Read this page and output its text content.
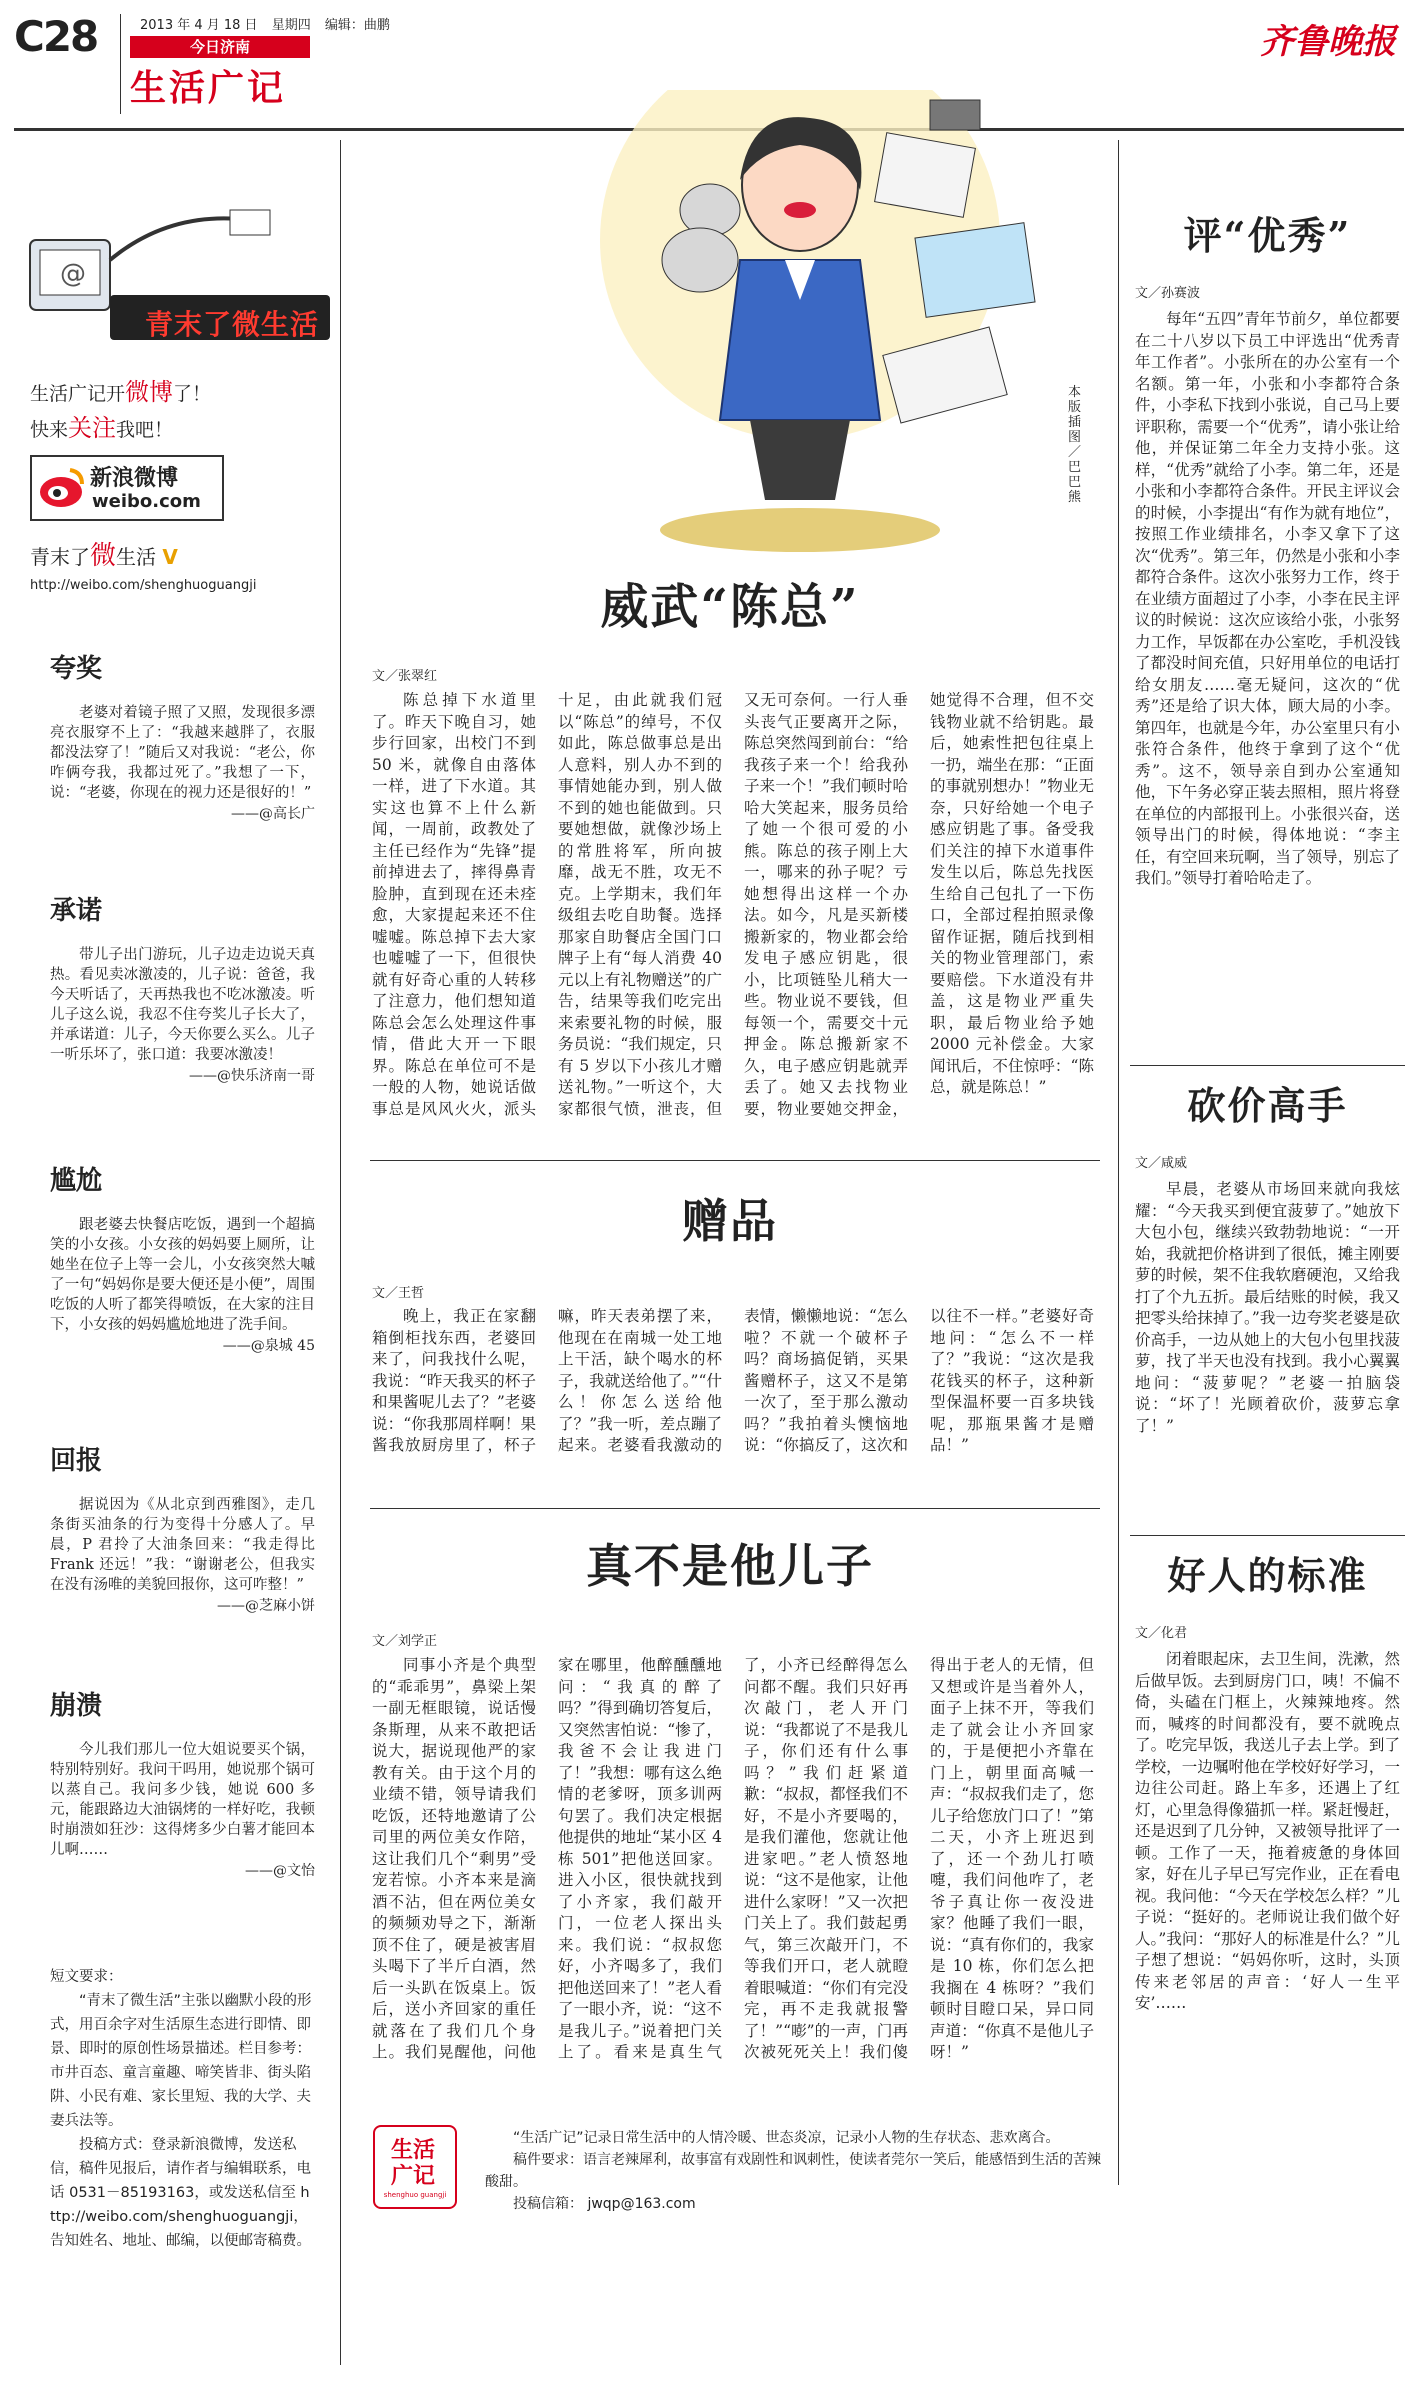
C28	2013 年 4 月 18 日 星期四 编辑：曲鹏
今日济南
生活广记
齐鲁晚报
@
青末了微生活
生活广记开微博了！
快来关注我吧！
新浪微博
weibo.com
青末了微生活 V
http://weibo.com/shenghuoguangji
夸奖

老婆对着镜子照了又照，发现很多漂亮衣服穿不上了：“我越来越胖了，衣服都没法穿了！”随后又对我说：“老公，你咋俩夸我，我都过死了。”我想了一下，说：“老婆，你现在的视力还是很好的！”

——@高长广
承诺

带儿子出门游玩，儿子边走边说天真热。看见卖冰激凌的，儿子说：爸爸，我今天听话了，天再热我也不吃冰激凌。听儿子这么说，我忍不住夸奖儿子长大了，并承诺道：儿子，今天你要么买么。儿子一听乐坏了，张口道：我要冰激凌！

——@快乐济南一哥
尴尬

跟老婆去快餐店吃饭，遇到一个超搞笑的小女孩。小女孩的妈妈要上厕所，让她坐在位子上等一会儿，小女孩突然大嘁了一句“妈妈你是要大便还是小便”，周围吃饭的人听了都笑得喷饭，在大家的注目下，小女孩的妈妈尴尬地进了洗手间。

——@泉城 45
回报

据说因为《从北京到西雅图》，走几条街买油条的行为变得十分感人了。早晨，P 君拎了大油条回来：“我走得比 Frank 还远！”我：“谢谢老公，但我实在没有汤唯的美貌回报你，这可咋整！”

——@芝麻小饼
崩溃

今儿我们那儿一位大姐说要买个锅，特别特别好。我问干吗用，她说那个锅可以蒸自己。我问多少钱，她说 600 多元，能跟路边大油锅烤的一样好吃，我顿时崩溃如狂沙：这得烤多少白薯才能回本儿啊……

——@文怡
短文要求：

“青末了微生活”主张以幽默小段的形式，用百余字对生活原生态进行即情、即景、即时的原创性场景描述。栏目参考：市井百态、童言童趣、啼笑皆非、街头陷阱、小民有难、家长里短、我的大学、夫妻兵法等。

投稿方式：登录新浪微博，发送私信，稿件见报后，请作者与编辑联系，电话 0531－85193163，或发送私信至 http://weibo.com/shenghuoguangji，告知姓名、地址、邮编，以便邮寄稿费。

本版插图／巴巴熊
威武“陈总”
文／张翠红

陈总掉下水道里了。昨天下晚自习，她步行回家，出校门不到 50 米，就像自由落体一样，进了下水道。其实这也算不上什么新闻，一周前，政教处了主任已经作为“先锋”提前掉进去了，摔得鼻青脸肿，直到现在还未痊愈，大家提起来还不住嘘嘘。陈总掉下去大家也嘘嘘了一下，但很快就有好奇心重的人转移了注意力，他们想知道陈总会怎么处理这件事情，借此大开一下眼界。陈总在单位可不是一般的人物，她说话做事总是风风火火，派头十足，由此就我们冠以“陈总”的绰号，不仅如此，陈总做事总是出人意料，别人办不到的事情她能办到，别人做不到的她也能做到。只要她想做，就像沙场上的常胜将军，所向披靡，战无不胜，攻无不克。上学期末，我们年级组去吃自助餐。选择那家自助餐店全国门口牌子上有“每人消费 40 元以上有礼物赠送”的广告，结果等我们吃完出来索要礼物的时候，服务员说：“我们规定，只有 5 岁以下小孩儿才赠送礼物。”一听这个，大家都很气愤，泄丧，但又无可奈何。一行人垂头丧气正要离开之际，陈总突然闯到前台：“给我孩子来一个！给我孙子来一个！”我们顿时哈哈大笑起来，服务员给了她一个很可爱的小熊。陈总的孩子刚上大一，哪来的孙子呢？亏她想得出这样一个办法。如今，凡是买新楼搬新家的，物业都会给发电子感应钥匙，很小，比项链坠儿稍大一些。物业说不要钱，但每领一个，需要交十元押金。陈总搬新家不久，电子感应钥匙就弄丢了。她又去找物业要，物业要她交押金，她觉得不合理，但不交钱物业就不给钥匙。最后，她索性把包往桌上一扔，端坐在那：“正面的事就别想办！”物业无奈，只好给她一个电子感应钥匙了事。备受我们关注的掉下水道事件发生以后，陈总先找医生给自己包扎了一下伤口，全部过程拍照录像留作证据，随后找到相关的物业管理部门，索要赔偿。下水道没有井盖，这是物业严重失职，最后物业给予她 2000 元补偿金。大家闻讯后，不住惊呼：“陈总，就是陈总！”

赠品
文／王哲

晚上，我正在家翻箱倒柜找东西，老婆回来了，问我找什么呢，我说：“昨天我买的杯子和果酱呢儿去了？”老婆说：“你我那周样啊！果酱我放厨房里了，杯子嘛，昨天表弟摆了来，他现在在南城一处工地上干活，缺个喝水的杯子，我就送给他了。”“什么！你怎么送给他了？”我一听，差点蹦了起来。老婆看我激动的表情，懒懒地说：“怎么啦？不就一个破杯子吗？商场搞促销，买果酱赠杯子，这又不是第一次了，至于那么激动吗？”我拍着头懊恼地说：“你搞反了，这次和以往不一样。”老婆好奇地问：“怎么不一样了？”我说：“这次是我花钱买的杯子，这种新型保温杯要一百多块钱呢，那瓶果酱才是赠品！”

真不是他儿子
文／刘学正

同事小齐是个典型的“乖乖男”，鼻梁上架一副无框眼镜，说话慢条斯理，从来不敢把话说大，据说现他严的家教有关。由于这个月的业绩不错，领导请我们吃饭，还特地邀请了公司里的两位美女作陪，这让我们几个“剩男”受宠若惊。小齐本来是滴酒不沾，但在两位美女的频频劝导之下，渐渐顶不住了，硬是被害眉头喝下了半斤白酒，然后一头趴在饭桌上。饭后，送小齐回家的重任就落在了我们几个身上。我们晃醒他，问他家在哪里，他醉醺醺地问：“我真的醉了吗？”得到确切答复后，又突然害怕说：“惨了，我爸不会让我进门了！”我想：哪有这么绝情的老爹呀，顶多训两句罢了。我们决定根据他提供的地址“某小区 4 栋 501”把他送回家。进入小区，很快就找到了小齐家，我们敲开门，一位老人探出头来。我们说：“叔叔您好，小齐喝多了，我们把他送回来了！”老人看了一眼小齐，说：“这不是我儿子。”说着把门关上了。看来是真生气了，小齐已经醉得怎么问都不醒。我们只好再次敲门，老人开门说：“我都说了不是我儿子，你们还有什么事吗？”我们赶紧道歉：“叔叔，都怪我们不好，不是小齐要喝的，是我们灌他，您就让他进家吧。”老人愤怒地说：“这不是他家，让他进什么家呀！”又一次把门关上了。我们鼓起勇气，第三次敲开门，不等我们开口，老人就瞪着眼喊道：“你们有完没完，再不走我就报警了！”“嘭”的一声，门再次被死死关上！我们傻得出于老人的无情，但又想或许是当着外人，面子上抹不开，等我们走了就会让小齐回家的，于是便把小齐靠在门上，朝里面高喊一声：“叔叔我们走了，您儿子给您放门口了！”第二天，小齐上班迟到了，还一个劲儿打喷嚏，我们问他咋了，老爷子真让你一夜没进家？他睡了我们一眼，说：“真有你们的，我家是 10 栋，你们怎么把我搁在 4 栋呀？”我们顿时目瞪口呆，异口同声道：“你真不是他儿子呀！”

生活广记
shenghuo guangji
“生活广记”记录日常生活中的人情冷暖、世态炎凉，记录小人物的生存状态、悲欢离合。
稿件要求：语言老辣犀利，故事富有戏剧性和讽刺性，使读者莞尔一笑后，能感悟到生活的苦辣酸甜。
投稿信箱： jwqp@163.com
评“优秀”
文／孙赛波

每年“五四”青年节前夕，单位都要在二十八岁以下员工中评选出“优秀青年工作者”。小张所在的办公室有一个名额。第一年，小张和小李都符合条件，小李私下找到小张说，自己马上要评职称，需要一个“优秀”，请小张让给他，并保证第二年全力支持小张。这样，“优秀”就给了小李。第二年，还是小张和小李都符合条件。开民主评议会的时候，小李提出“有作为就有地位”，按照工作业绩排名，小李又拿下了这次“优秀”。第三年，仍然是小张和小李都符合条件。这次小张努力工作，终于在业绩方面超过了小李，小李在民主评议的时候说：这次应该给小张，小张努力工作，早饭都在办公室吃，手机没钱了都没时间充值，只好用单位的电话打给女朋友……毫无疑问，这次的“优秀”还是给了识大体，顾大局的小李。第四年，也就是今年，办公室里只有小张符合条件，他终于拿到了这个“优秀”。这不，领导亲自到办公室通知他，下午务必穿正装去照相，照片将登在单位的内部报刊上。小张很兴奋，送领导出门的时候，得体地说：“李主任，有空回来玩啊，当了领导，别忘了我们。”领导打着哈哈走了。

砍价高手
文／咸威

早晨，老婆从市场回来就向我炫耀：“今天我买到便宜菠萝了。”她放下大包小包，继续兴致勃勃地说：“一开始，我就把价格讲到了很低，摊主刚要萝的时候，架不住我软磨硬泡，又给我打了个九五折。最后结账的时候，我又把零头给抹掉了。”我一边夸奖老婆是砍价高手，一边从她上的大包小包里找菠萝，找了半天也没有找到。我小心翼翼地问：“菠萝呢？”老婆一拍脑袋说：“坏了！光顾着砍价，菠萝忘拿了！”

好人的标准
文／化君

闭着眼起床，去卫生间，洗漱，然后做早饭。去到厨房门口，咦！不偏不倚，头磕在门框上，火辣辣地疼。然而，喊疼的时间都没有，要不就晚点了。吃完早饭，我送儿子去上学。到了学校，一边嘱咐他在学校好好学习，一边往公司赶。路上车多，还遇上了红灯，心里急得像猫抓一样。紧赶慢赶，还是迟到了几分钟，又被领导批评了一顿。工作了一天，拖着疲惫的身体回家，好在儿子早已写完作业，正在看电视。我问他：“今天在学校怎么样？”儿子说：“挺好的。老师说让我们做个好人。”我问：“那好人的标准是什么？”儿子想了想说：“妈妈你听，这时，头顶传来老邻居的声音：‘好人一生平安’……
